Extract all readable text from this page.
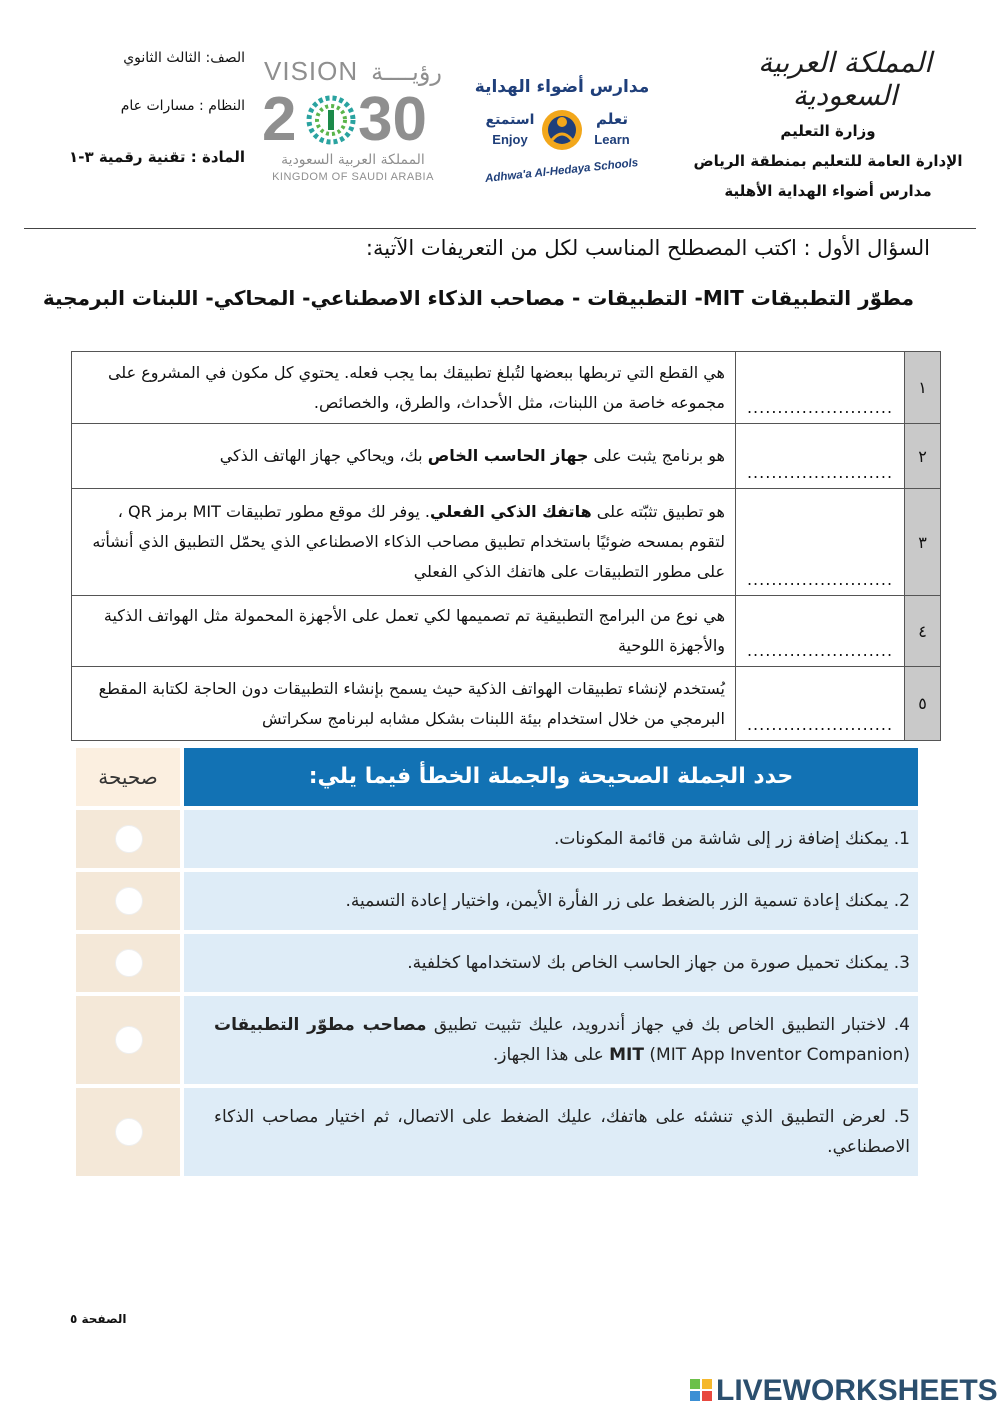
المملكة العربية السعودية
وزارة التعليم
الإدارة العامة للتعليم بمنطقة الرياض
مدارس أضواء الهداية الأهلية
مدارس أضواء الهداية
تعلم
Learn
استمتع
Enjoy
Adhwa'a Al-Hedaya Schools
VISION رؤيــــة
2 30
المملكة العربية السعودية
KINGDOM OF SAUDI ARABIA
الصف: الثالث الثانوي
النظام : مسارات عام
المادة : تقنية رقمية ٣-١
السؤال الأول : اكتب المصطلح المناسب لكل من التعريفات الآتية:
مطوّر التطبيقات MIT- التطبيقات - مصاحب الذكاء الاصطناعي- المحاكي- اللبنات البرمجية
١	........................	هي القطع التي تربطها ببعضها لتُبلغ تطبيقك بما يجب فعله. يحتوي كل مكون في المشروع على مجموعه خاصة من اللبنات، مثل الأحداث، والطرق، والخصائص.
٢	........................	هو برنامج يثبت على جهاز الحاسب الخاص بك، ويحاكي جهاز الهاتف الذكي
٣	........................	هو تطبيق تثبّته على هاتفك الذكي الفعلي. يوفر لك موقع مطور تطبيقات MIT برمز QR ، لتقوم بمسحه ضوئيًا باستخدام تطبيق مصاحب الذكاء الاصطناعي الذي يحمّل التطبيق الذي أنشأته على مطور التطبيقات على هاتفك الذكي الفعلي
٤	........................	هي نوع من البرامج التطبيقية تم تصميمها لكي تعمل على الأجهزة المحمولة مثل الهواتف الذكية والأجهزة اللوحية
٥	........................	يُستخدم لإنشاء تطبيقات الهواتف الذكية حيث يسمح بإنشاء التطبيقات دون الحاجة لكتابة المقطع البرمجي من خلال استخدام بيئة اللبنات بشكل مشابه لبرنامج سكراتش
صحيحة	حدد الجملة الصحيحة والجملة الخطأ فيما يلي:
1. يمكنك إضافة زر إلى شاشة من قائمة المكونات.
2. يمكنك إعادة تسمية الزر بالضغط على زر الفأرة الأيمن، واختيار إعادة التسمية.
3. يمكنك تحميل صورة من جهاز الحاسب الخاص بك لاستخدامها كخلفية.
4. لاختبار التطبيق الخاص بك في جهاز أندرويد، عليك تثبيت تطبيق مصاحب مطوّر التطبيقات MIT (MIT App Inventor Companion) على هذا الجهاز.
5. لعرض التطبيق الذي تنشئه على هاتفك، عليك الضغط على الاتصال، ثم اختيار مصاحب الذكاء الاصطناعي.
الصفحة ٥
LIVEWORKSHEETS
